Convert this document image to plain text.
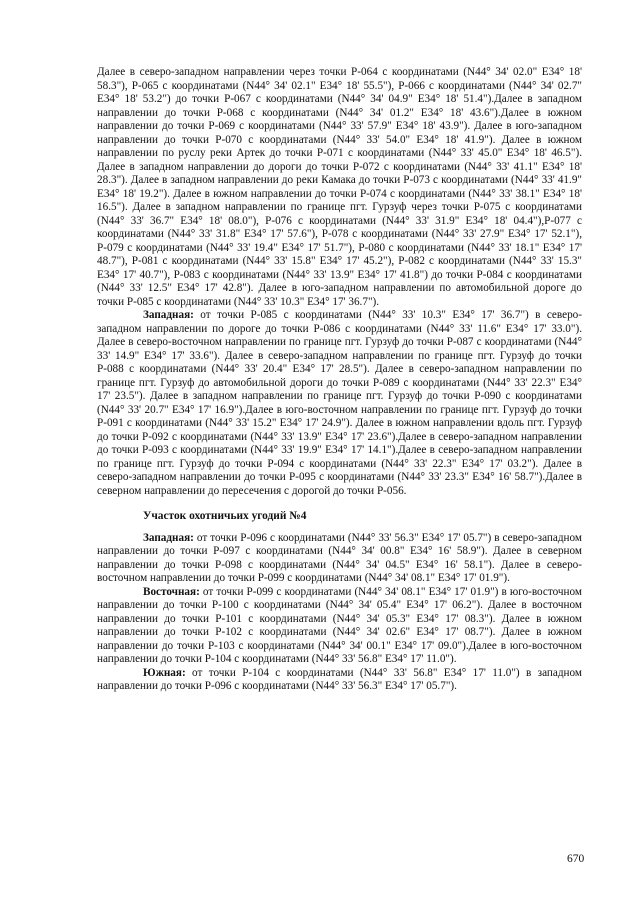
Далее в северо-западном направлении через точки Р-064 с координатами (N44° 34' 02.0" E34° 18' 58.3"), Р-065 с координатами (N44° 34' 02.1" E34° 18' 55.5"), Р-066 с координатами (N44° 34' 02.7" E34° 18' 53.2") до точки Р-067 с координатами (N44° 34' 04.9" E34° 18' 51.4").Далее в западном направлении до точки Р-068 с координатами (N44° 34' 01.2" E34° 18' 43.6").Далее в южном направлении до точки Р-069 с координатами (N44° 33' 57.9" E34° 18' 43.9"). Далее в юго-западном направлении до точки Р-070 с координатами (N44° 33' 54.0" E34° 18' 41.9"). Далее в южном направлении по руслу реки Артек до точки Р-071 с координатами (N44° 33' 45.0" E34° 18' 46.5"). Далее в западном направлении до дороги до точки Р-072 с координатами (N44° 33' 41.1" E34° 18' 28.3"). Далее в западном направлении до реки Камака до точки Р-073 с координатами (N44° 33' 41.9" E34° 18' 19.2"). Далее в южном направлении до точки Р-074 с координатами (N44° 33' 38.1" E34° 18' 16.5"). Далее в западном направлении по границе пгт. Гурзуф через точки Р-075 с координатами (N44° 33' 36.7" E34° 18' 08.0"), Р-076 с координатами (N44° 33' 31.9" E34° 18' 04.4"),Р-077 с координатами (N44° 33' 31.8" E34° 17' 57.6"), Р-078 с координатами (N44° 33' 27.9" E34° 17' 52.1"), Р-079 с координатами (N44° 33' 19.4" E34° 17' 51.7"), Р-080 с координатами (N44° 33' 18.1" E34° 17' 48.7"), Р-081 с координатами (N44° 33' 15.8" E34° 17' 45.2"), Р-082 с координатами (N44° 33' 15.3" E34° 17' 40.7"), Р-083 с координатами (N44° 33' 13.9" E34° 17' 41.8") до точки Р-084 с координатами (N44° 33' 12.5" E34° 17' 42.8"). Далее в юго-западном направлении по автомобильной дороге до точки Р-085 с координатами (N44° 33' 10.3" E34° 17' 36.7").

Западная: от точки Р-085 с координатами (N44° 33' 10.3" E34° 17' 36.7") в северо- западном направлении по дороге до точки Р-086 с координатами (N44° 33' 11.6" E34° 17' 33.0"). Далее в северо-восточном направлении по границе пгт. Гурзуф до точки Р-087 с координатами (N44° 33' 14.9" E34° 17' 33.6"). Далее в северо-западном направлении по границе пгт. Гурзуф до точки Р-088 с координатами (N44° 33' 20.4" E34° 17' 28.5"). Далее в северо-западном направлении по границе пгт. Гурзуф до автомобильной дороги до точки Р-089 с координатами (N44° 33' 22.3" E34° 17' 23.5"). Далее в западном направлении по границе пгт. Гурзуф до точки Р-090 с координатами (N44° 33' 20.7" E34° 17' 16.9").Далее в юго-восточном направлении по границе пгт. Гурзуф до точки Р-091 с координатами (N44° 33' 15.2" E34° 17' 24.9"). Далее в южном направлении вдоль пгт. Гурзуф до точки Р-092 с координатами (N44° 33' 13.9" E34° 17' 23.6").Далее в северо-западном направлении до точки Р-093 с координатами (N44° 33' 19.9" E34° 17' 14.1").Далее в северо-западном направлении по границе пгт. Гурзуф до точки Р-094 с координатами (N44° 33' 22.3" E34° 17' 03.2"). Далее в северо-западном направлении до точки Р-095 с координатами (N44° 33' 23.3" E34° 16' 58.7").Далее в северном направлении до пересечения с дорогой до точки Р-056.

Участок охотничьих угодий №4

Западная: от точки Р-096 с координатами (N44° 33' 56.3" E34° 17' 05.7") в северо-западном направлении до точки Р-097 с координатами (N44° 34' 00.8" E34° 16' 58.9"). Далее в северном направлении до точки Р-098 с координатами (N44° 34' 04.5" E34° 16' 58.1"). Далее в северо-восточном направлении до точки Р-099 с координатами (N44° 34' 08.1" E34° 17' 01.9").

Восточная: от точки Р-099 с координатами (N44° 34' 08.1" E34° 17' 01.9") в юго-восточном направлении до точки Р-100 с координатами (N44° 34' 05.4" E34° 17' 06.2"). Далее в восточном направлении до точки Р-101 с координатами (N44° 34' 05.3" E34° 17' 08.3"). Далее в южном направлении до точки Р-102 с координатами (N44° 34' 02.6" E34° 17' 08.7"). Далее в южном направлении до точки Р-103 с координатами (N44° 34' 00.1" E34° 17' 09.0").Далее в юго-восточном направлении до точки Р-104 с координатами (N44° 33' 56.8" E34° 17' 11.0").

Южная: от точки Р-104 с координатами (N44° 33' 56.8" E34° 17' 11.0") в западном направлении до точки Р-096 с координатами (N44° 33' 56.3" E34° 17' 05.7").

670
